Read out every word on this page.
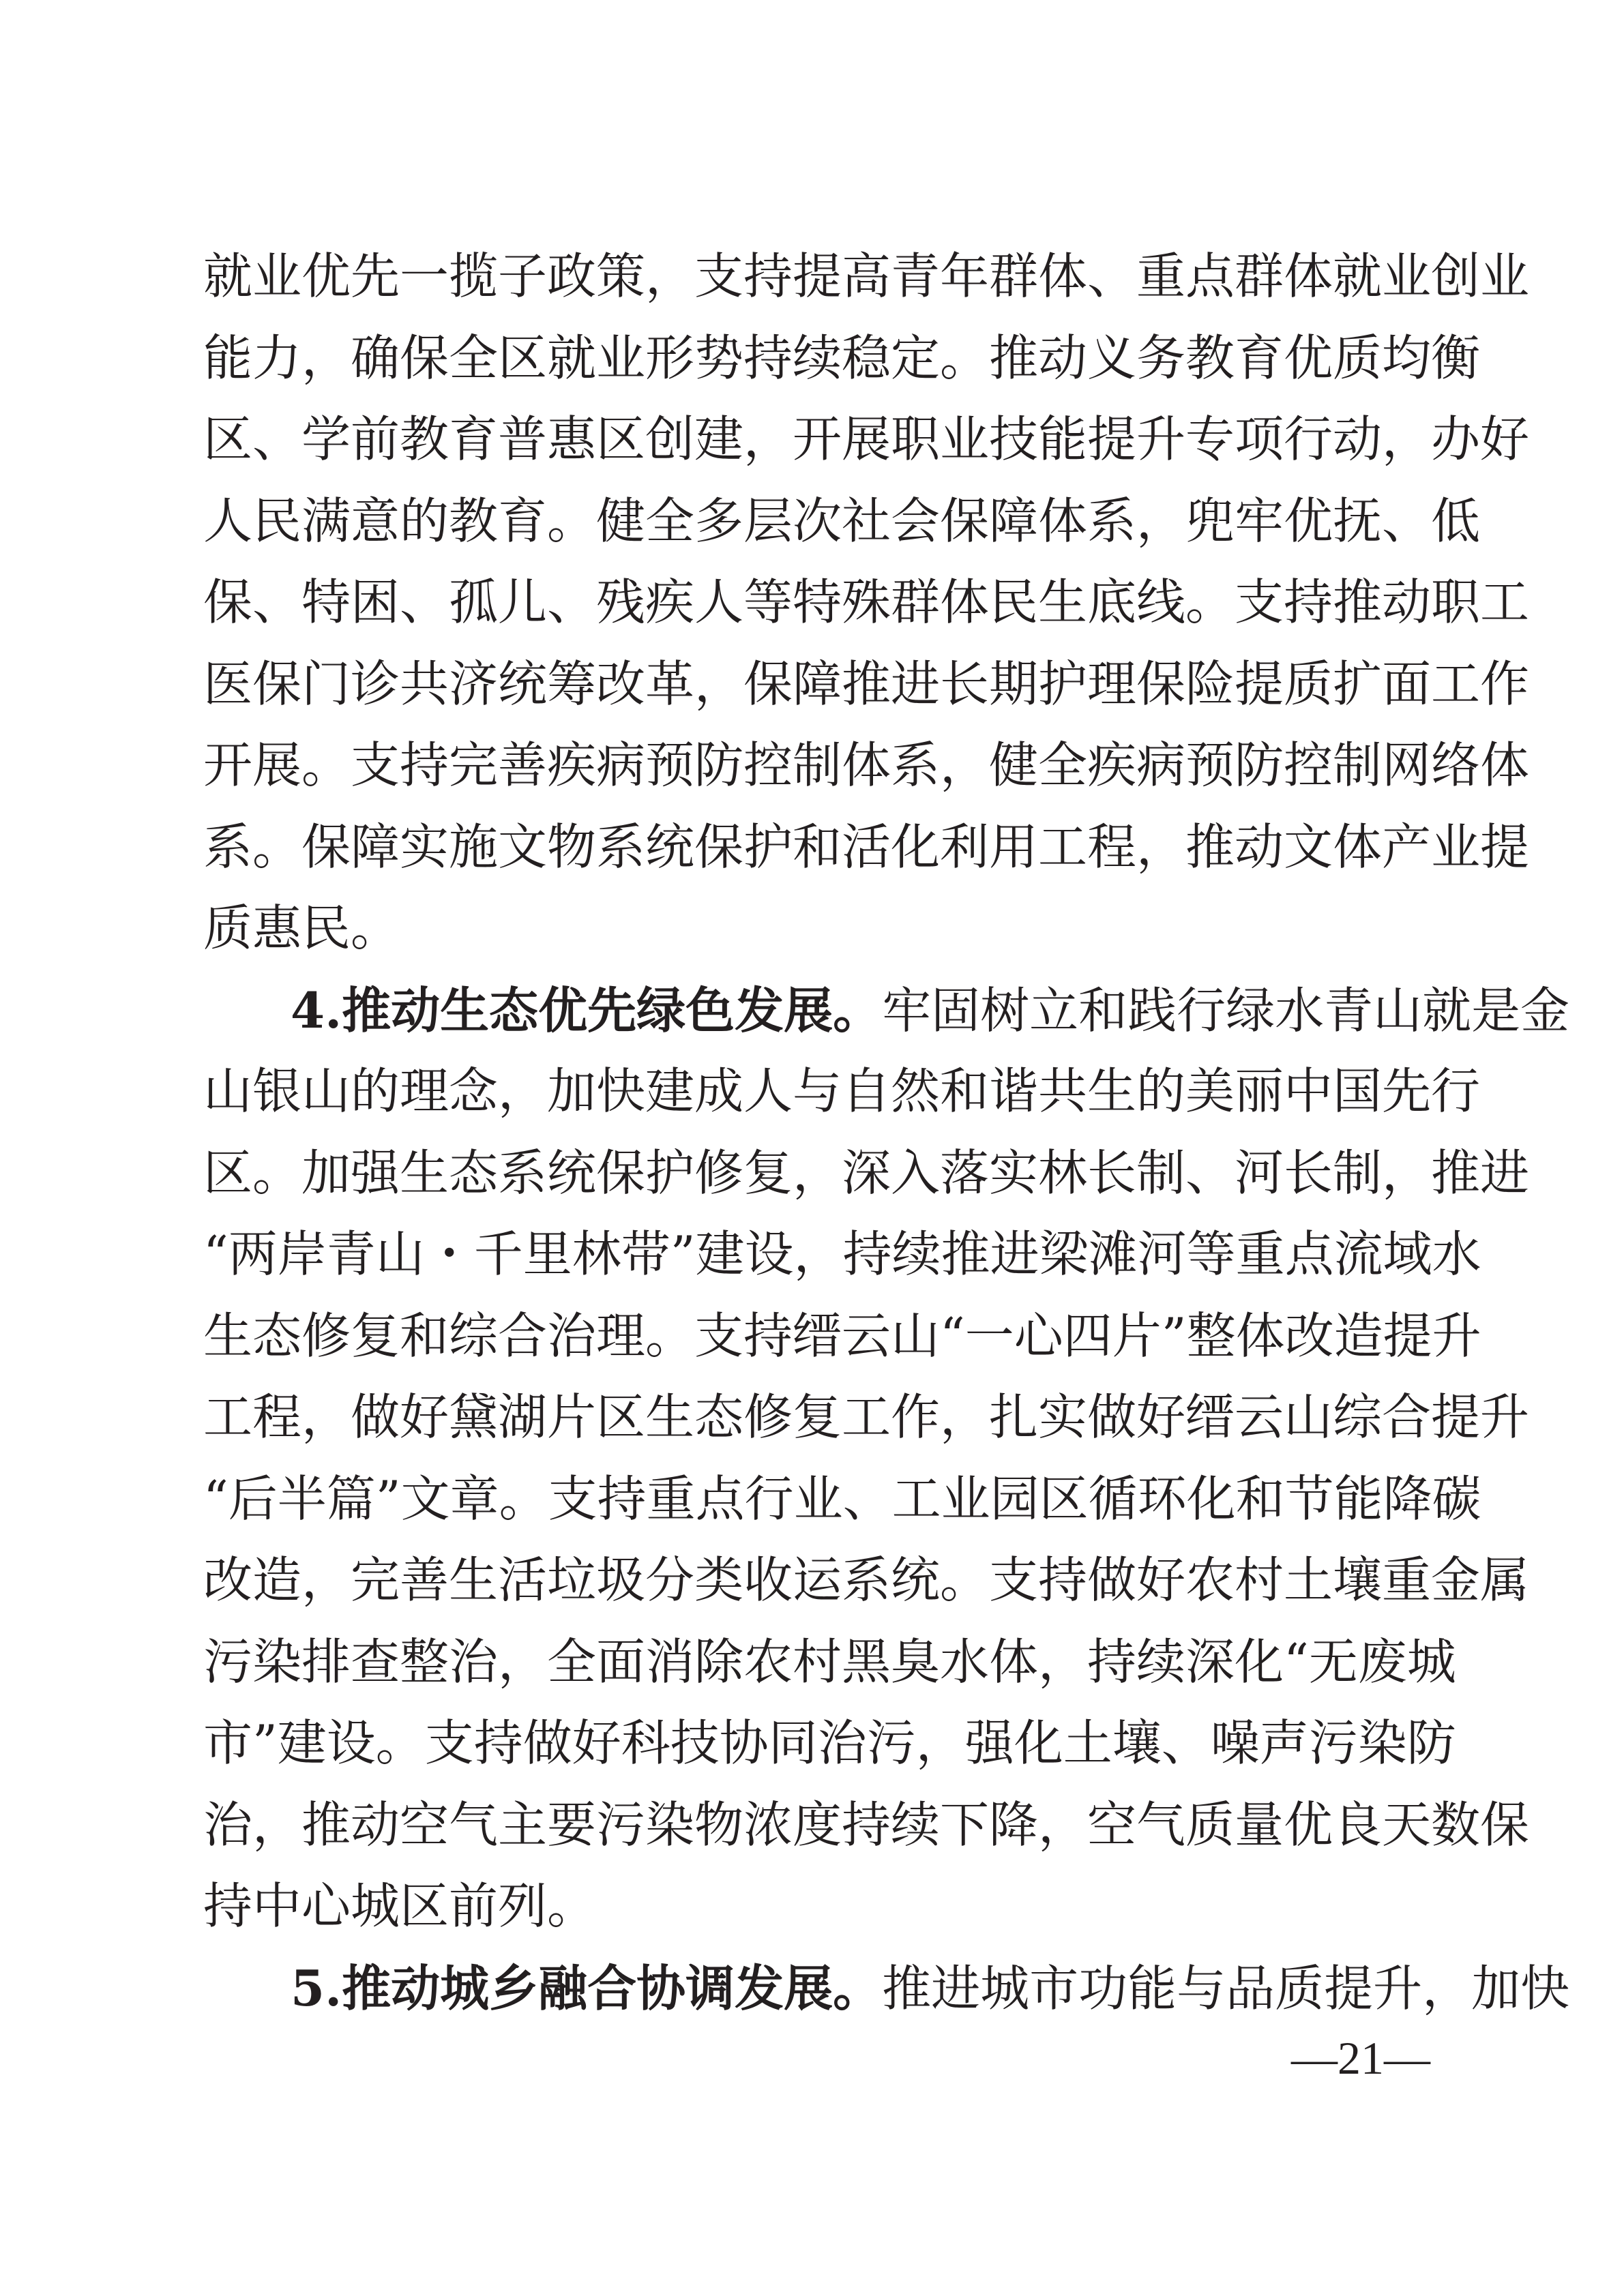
就业优先一揽子政策，支持提高青年群体、重点群体就业创业
能力，确保全区就业形势持续稳定。推动义务教育优质均衡
区、学前教育普惠区创建，开展职业技能提升专项行动，办好
人民满意的教育。健全多层次社会保障体系，兜牢优抚、低
保、特困、孤儿、残疾人等特殊群体民生底线。支持推动职工
医保门诊共济统筹改革，保障推进长期护理保险提质扩面工作
开展。支持完善疾病预防控制体系，健全疾病预防控制网络体
系。保障实施文物系统保护和活化利用工程，推动文体产业提
质惠民。
4.推动生态优先绿色发展。牢固树立和践行绿水青山就是金
山银山的理念，加快建成人与自然和谐共生的美丽中国先行
区。加强生态系统保护修复，深入落实林长制、河长制，推进
“两岸青山・千里林带”建设，持续推进梁滩河等重点流域水
生态修复和综合治理。支持缙云山“一心四片”整体改造提升
工程，做好黛湖片区生态修复工作，扎实做好缙云山综合提升
“后半篇”文章。支持重点行业、工业园区循环化和节能降碳
改造，完善生活垃圾分类收运系统。支持做好农村土壤重金属
污染排查整治，全面消除农村黑臭水体，持续深化“无废城
市”建设。支持做好科技协同治污，强化土壤、噪声污染防
治，推动空气主要污染物浓度持续下降，空气质量优良天数保
持中心城区前列。
5.推动城乡融合协调发展。推进城市功能与品质提升，加快
—21—
